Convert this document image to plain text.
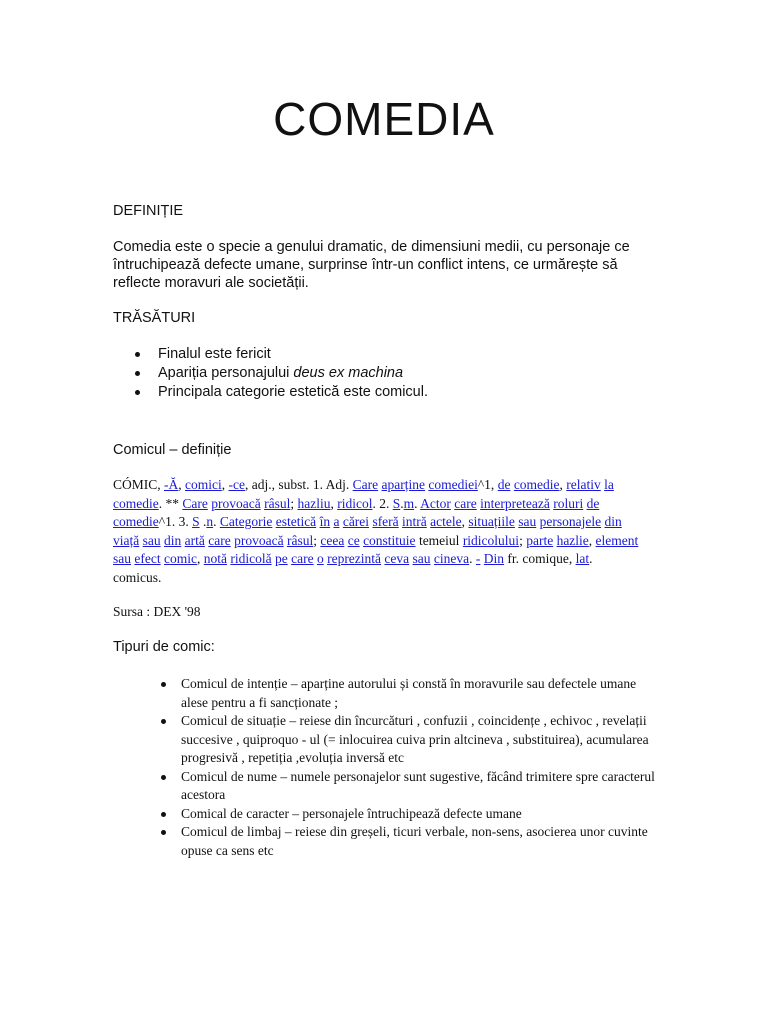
COMEDIA

DEFINIȚIE

Comedia este o specie a genului dramatic, de dimensiuni medii, cu personaje ce întruchipează defecte umane, surprinse într-un conflict intens, ce urmărește să reflecte moravuri ale societății.

TRĂSĂTURI

Finalul este fericit
Apariția personajului deus ex machina
Principala categorie estetică este comicul.

Comicul – definiție

CÓMIC, -Ă, comici, -ce, adj., subst. 1. Adj. Care aparține comediei^1, de comedie, relativ la comedie. ** Care provoacă râsul; hazliu, ridicol. 2. S.m. Actor care interpretează roluri de comedie^1. 3. S .n. Categorie estetică în a cărei sferă intră actele, situațiile sau personajele din viață sau din artă care provoacă râsul; ceea ce constituie temeiul ridicolului; parte hazlie, element sau efect comic, notă ridicolă pe care o reprezintă ceva sau cineva. - Din fr. comique, lat. comicus.

Sursa : DEX '98

Tipuri de comic:

Comicul de intenție – aparține autorului și constă în moravurile sau defectele umane alese pentru a fi sancționate ;
Comicul de situație – reiese din încurcături , confuzii , coincidențe , echivoc , revelații succesive , quiproquo - ul (= inlocuirea cuiva prin altcineva , substituirea), acumularea progresivă , repetiția ,evoluția inversă etc
Comicul de nume – numele personajelor sunt sugestive, făcând trimitere spre caracterul acestora
Comical de caracter – personajele întruchipează defecte umane
Comicul de limbaj – reiese din greșeli, ticuri verbale, non-sens, asocierea unor cuvinte opuse ca sens etc
